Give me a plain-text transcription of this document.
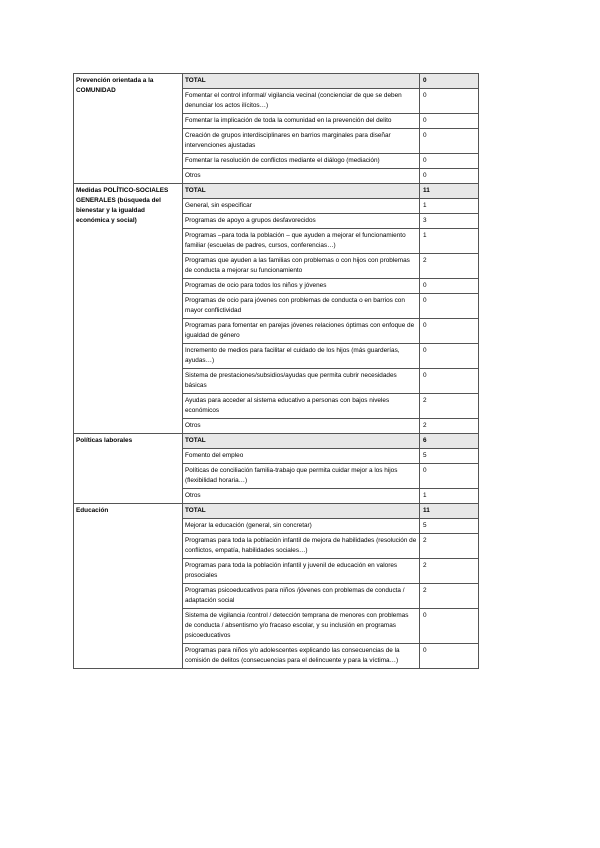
Prevención orientada a la COMUNIDAD	TOTAL	0
	Fomentar el control informal/ vigilancia vecinal (concienciar de que se deben denunciar los actos ilícitos…)	0
	Fomentar la implicación de toda la comunidad en la prevención del delito	0
	Creación de grupos interdisciplinares en barrios marginales para diseñar intervenciones ajustadas	0
	Fomentar la resolución de conflictos mediante el diálogo (mediación)	0
	Otros	0
Medidas POLÍTICO-SOCIALES GENERALES (búsqueda del bienestar y la igualdad económica y social)	TOTAL	11
	General, sin especificar	1
	Programas de apoyo a grupos desfavorecidos	3
	Programas –para toda la población – que ayuden a mejorar el funcionamiento familiar (escuelas de padres, cursos, conferencias…)	1
	Programas que ayuden a las familias con problemas o con hijos con problemas de conducta a mejorar su funcionamiento	2
	Programas de ocio para todos los niños y jóvenes	0
	Programas de ocio para jóvenes con problemas de conducta o en barrios con mayor conflictividad	0
	Programas para fomentar en parejas jóvenes relaciones óptimas con enfoque de igualdad de género	0
	Incremento de medios para facilitar el cuidado de los hijos (más guarderías, ayudas…)	0
	Sistema de prestaciones/subsidios/ayudas que permita cubrir necesidades básicas	0
	Ayudas para acceder al sistema educativo a personas con bajos niveles económicos	2
	Otros	2
Políticas laborales	TOTAL	6
	Fomento del empleo	5
	Políticas de conciliación familia-trabajo que permita cuidar mejor a los hijos (flexibilidad horaria…)	0
	Otros	1
Educación	TOTAL	11
	Mejorar la educación (general, sin concretar)	5
	Programas para toda la población infantil de mejora de habilidades (resolución de conflictos, empatía, habilidades sociales…)	2
	Programas para toda la población infantil y juvenil de educación en valores prosociales	2
	Programas psicoeducativos para niños /jóvenes con problemas de conducta / adaptación social	2
	Sistema de vigilancia /control / detección temprana de menores con problemas de conducta / absentismo y/o fracaso escolar, y su inclusión en programas psicoeducativos	0
	Programas para niños y/o adolescentes explicando las consecuencias de la comisión de delitos (consecuencias para el delincuente y para la víctima…)	0
